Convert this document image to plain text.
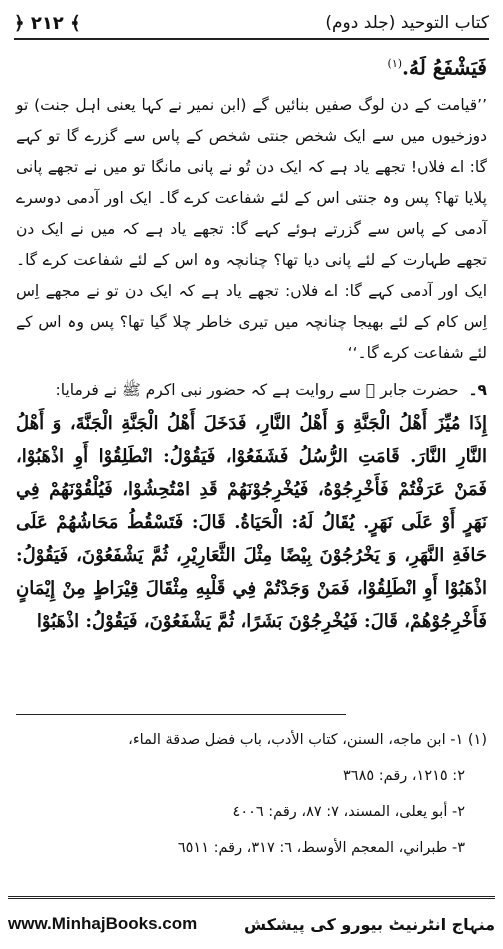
﴾ ۲۱۲ ﴿	کتاب التوحید (جلد دوم)

فَيَشْفَعُ لَهُ.$^{(١)}$

’’قیامت کے دن لوگ صفیں بنائیں گے (ابن نمیر نے کہا یعنی اہل جنت) تو دوزخیوں میں سے ایک شخص جنتی شخص کے پاس سے گزرے گا تو کہے گا: اے فلاں! تجھے یاد ہے کہ ایک دن تُو نے پانی مانگا تو میں نے تجھے پانی پلایا تھا؟ پس وہ جنتی اس کے لئے شفاعت کرے گا۔ ایک اور آدمی دوسرے آدمی کے پاس سے گزرتے ہوئے کہے گا: تجھے یاد ہے کہ میں نے ایک دن تجھے طہارت کے لئے پانی دیا تھا؟ چنانچہ وہ اس کے لئے شفاعت کرے گا۔ ایک اور آدمی کہے گا: اے فلاں: تجھے یاد ہے کہ ایک دن تو نے مجھے اِس اِس کام کے لئے بھیجا چنانچہ میں تیری خاطر چلا گیا تھا؟ پس وہ اس کے لئے شفاعت کرے گا۔‘‘

۹۔حضرت جابر ﷛ سے روایت ہے کہ حضور نبی اکرم ﷺ نے فرمایا:

إِذَا مُيِّزَ أَهْلُ الْجَنَّةِ وَ أَهْلُ النَّارِ، فَدَخَلَ أَهْلُ الْجَنَّةِ الْجَنَّةَ، وَ أَهْلُ النَّارِ النَّارَ. قَامَتِ الرُّسُلُ فَشَفَعُوْا، فَيَقُوْلُ: انْطَلِقُوْا أَوِ اذْهَبُوْا، فَمَنْ عَرَفْتُمْ فَأَخْرِجُوْهُ، فَيُخْرِجُوْنَهُمْ قَدِ امْتُحِشُوْا، فَيُلْقُوْنَهُمْ فِي نَهَرٍ أَوْ عَلَى نَهَرٍ. يُقَالُ لَهُ: الْحَيَاةُ. قَالَ: فَتَسْقُطُ مَحَاشُهُمْ عَلَى حَافَةِ النَّهَرِ، وَ يَخْرُجُوْنَ بِيْضًا مِثْلَ الثَّعَارِيْرِ، ثُمَّ يَشْفَعُوْنَ، فَيَقُوْلُ: اذْهَبُوْا أَوِ انْطَلِقُوْا، فَمَنْ وَجَدْتُمْ فِي قَلْبِهِ مِثْقَالَ قِيْرَاطٍ مِنْ إِيْمَانٍ فَأَخْرِجُوْهُمْ، قَالَ: فَيُخْرِجُوْنَ بَشَرًا، ثُمَّ يَشْفَعُوْنَ، فَيَقُوْلُ: اذْهَبُوْا

(١) ١- ابن ماجه، السنن، كتاب الأدب، باب فضل صدقة الماء،

٢: ١٢١٥، رقم: ٣٦٨٥

٢- أبو يعلى، المسند، ٧: ٨٧، رقم: ٤٠٠٦

٣- طبراني، المعجم الأوسط، ٦: ٣١٧، رقم: ٦٥١١

www.MinhajBooks.com	منہاج انٹرنیٹ بیورو کی پیشکش
